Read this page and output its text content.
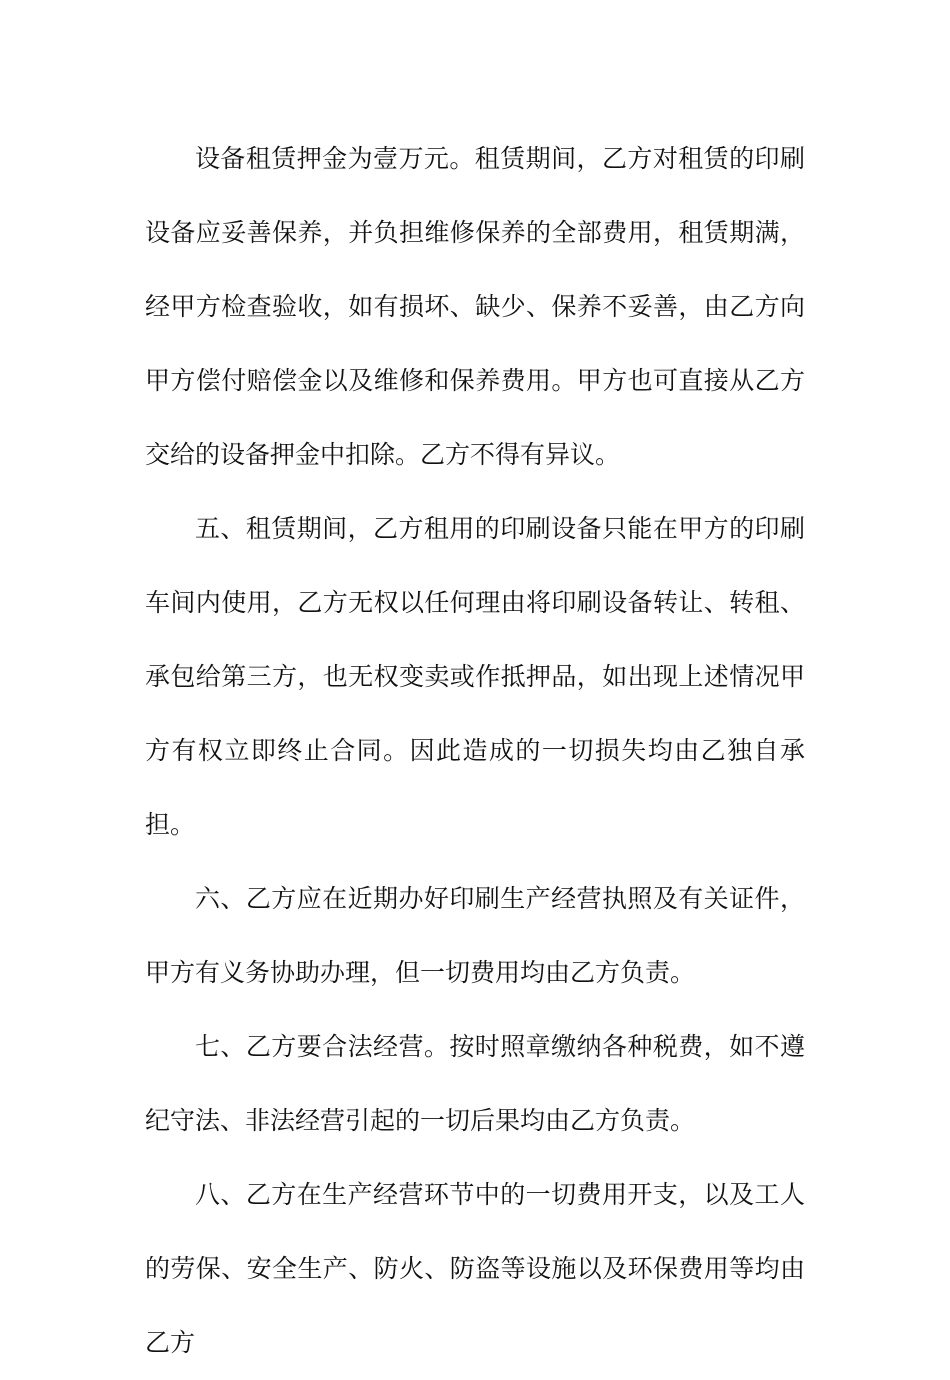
设备租赁押金为壹万元。租赁期间，乙方对租赁的印刷设备应妥善保养，并负担维修保养的全部费用，租赁期满，经甲方检查验收，如有损坏、缺少、保养不妥善，由乙方向甲方偿付赔偿金以及维修和保养费用。甲方也可直接从乙方交给的设备押金中扣除。乙方不得有异议。

五、租赁期间，乙方租用的印刷设备只能在甲方的印刷车间内使用，乙方无权以任何理由将印刷设备转让、转租、承包给第三方，也无权变卖或作抵押品，如出现上述情况甲方有权立即终止合同。因此造成的一切损失均由乙独自承担。

六、乙方应在近期办好印刷生产经营执照及有关证件，甲方有义务协助办理，但一切费用均由乙方负责。

七、乙方要合法经营。按时照章缴纳各种税费，如不遵纪守法、非法经营引起的一切后果均由乙方负责。

八、乙方在生产经营环节中的一切费用开支，以及工人的劳保、安全生产、防火、防盗等设施以及环保费用等均由乙方
